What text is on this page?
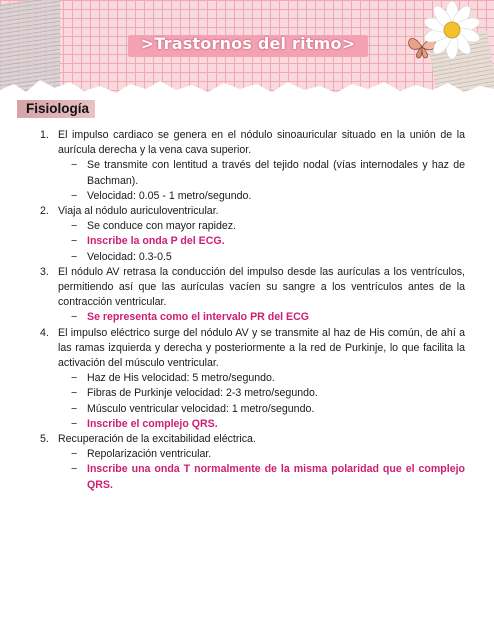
>Trastornos del ritmo>
Fisiología
1. El impulso cardiaco se genera en el nódulo sinoauricular situado en la unión de la aurícula derecha y la vena cava superior.
− Se transmite con lentitud a través del tejido nodal (vías internodales y haz de Bachman).
− Velocidad: 0.05 - 1 metro/segundo.
2. Viaja al nódulo auriculoventricular.
− Se conduce con mayor rapidez.
− Inscribe la onda P del ECG.
− Velocidad: 0.3-0.5
3. El nódulo AV retrasa la conducción del impulso desde las aurículas a los ventrículos, permitiendo así que las aurículas vacíen su sangre a los ventrículos antes de la contracción ventricular.
− Se representa como el intervalo PR del ECG
4. El impulso eléctrico surge del nódulo AV y se transmite al haz de His común, de ahí a las ramas izquierda y derecha y posteriormente a la red de Purkinje, lo que facilita la activación del músculo ventricular.
− Haz de His velocidad: 5 metro/segundo.
− Fibras de Purkinje velocidad: 2-3 metro/segundo.
− Músculo ventricular velocidad: 1 metro/segundo.
− Inscribe el complejo QRS.
5. Recuperación de la excitabilidad eléctrica.
− Repolarización ventricular.
− Inscribe una onda T normalmente de la misma polaridad que el complejo QRS.
